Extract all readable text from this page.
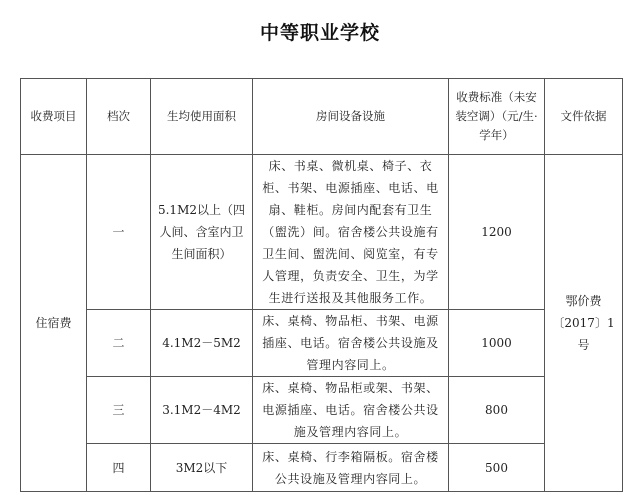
中等职业学校
收费项目	档次	生均使用面积	房间设备设施	收费标准（未安装空调）（元/生·学年）	文件依据
住宿费	一	5.1M2以上（四人间、含室内卫生间面积）	床、书桌、微机桌、椅子、衣柜、书架、电源插座、电话、电扇、鞋柜。房间内配套有卫生（盥洗）间。宿舍楼公共设施有卫生间、盥洗间、阅览室，有专人管理，负责安全、卫生，为学生进行送报及其他服务工作。	1200	鄂价费〔2017〕1号
	二	4.1M2－5M2	床、桌椅、物品柜、书架、电源插座、电话。宿舍楼公共设施及管理内容同上。	1000	
	三	3.1M2－4M2	床、桌椅、物品柜或架、书架、电源插座、电话。宿舍楼公共设施及管理内容同上。	800	
	四	3M2以下	床、桌椅、行李箱隔板。宿舍楼公共设施及管理内容同上。	500	
